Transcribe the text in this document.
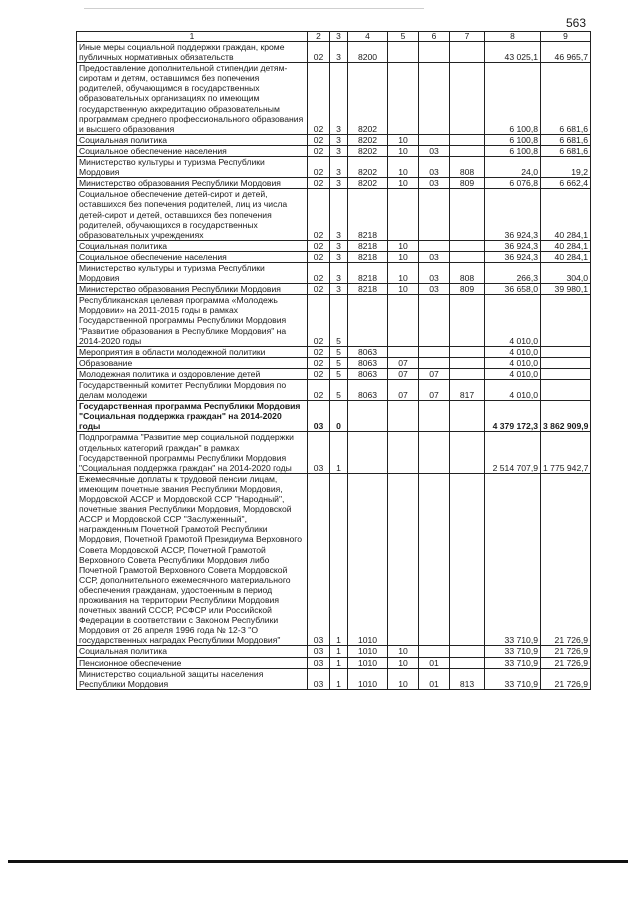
563
1	2	3	4	5	6	7	8	9
Иные меры социальной поддержки граждан, кроме публичных нормативных обязательств	02	3	8200				43 025,1	46 965,7
Предоставление дополнительной стипендии детям-сиротам и детям, оставшимся без попечения родителей, обучающимся в государственных образовательных организациях по имеющим государственную аккредитацию образовательным программам среднего профессионального образования и высшего образования	02	3	8202				6 100,8	6 681,6
Социальная политика	02	3	8202	10			6 100,8	6 681,6
Социальное обеспечение населения	02	3	8202	10	03		6 100,8	6 681,6
Министерство культуры и туризма Республики Мордовия	02	3	8202	10	03	808	24,0	19,2
Министерство образования Республики Мордовия	02	3	8202	10	03	809	6 076,8	6 662,4
Социальное обеспечение детей-сирот и детей, оставшихся без попечения родителей, лиц из числа детей-сирот и детей, оставшихся без попечения родителей, обучающихся в государственных образовательных учреждениях	02	3	8218				36 924,3	40 284,1
Социальная политика	02	3	8218	10			36 924,3	40 284,1
Социальное обеспечение населения	02	3	8218	10	03		36 924,3	40 284,1
Министерство культуры и туризма Республики Мордовия	02	3	8218	10	03	808	266,3	304,0
Министерство образования Республики Мордовия	02	3	8218	10	03	809	36 658,0	39 980,1
Республиканская целевая программа «Молодежь Мордовии» на 2011-2015 годы в рамках Государственной программы Республики Мордовия "Развитие образования в Республике Мордовия" на 2014-2020 годы	02	5					4 010,0	
Мероприятия в области молодежной политики	02	5	8063				4 010,0	
Образование	02	5	8063	07			4 010,0	
Молодежная политика и оздоровление детей	02	5	8063	07	07		4 010,0	
Государственный комитет Республики Мордовия по делам молодежи	02	5	8063	07	07	817	4 010,0	
Государственная программа Республики Мордовия "Социальная поддержка граждан" на 2014-2020 годы	03	0					4 379 172,3	3 862 909,9
Подпрограмма "Развитие мер социальной поддержки отдельных категорий граждан" в рамках Государственной программы Республики Мордовия "Социальная поддержка граждан" на 2014-2020 годы	03	1					2 514 707,9	1 775 942,7
Ежемесячные доплаты к трудовой пенсии лицам, имеющим почетные звания Республики Мордовия, Мордовской АССР и Мордовской ССР "Народный", почетные звания Республики Мордовия, Мордовской АССР и Мордовской ССР "Заслуженный", награжденным Почетной Грамотой Республики Мордовия, Почетной Грамотой Президиума Верховного Совета Мордовской АССР, Почетной Грамотой Верховного Совета Республики Мордовия либо Почетной Грамотой Верховного Совета Мордовской ССР, дополнительного ежемесячного материального обеспечения гражданам, удостоенным в период проживания на территории Республики Мордовия почетных званий СССР, РСФСР или Российской Федерации в соответствии с Законом Республики Мордовия от 26 апреля 1996 года № 12-З "О государственных наградах Республики Мордовия"	03	1	1010				33 710,9	21 726,9
Социальная политика	03	1	1010	10			33 710,9	21 726,9
Пенсионное обеспечение	03	1	1010	10	01		33 710,9	21 726,9
Министерство социальной защиты населения Республики Мордовия	03	1	1010	10	01	813	33 710,9	21 726,9
